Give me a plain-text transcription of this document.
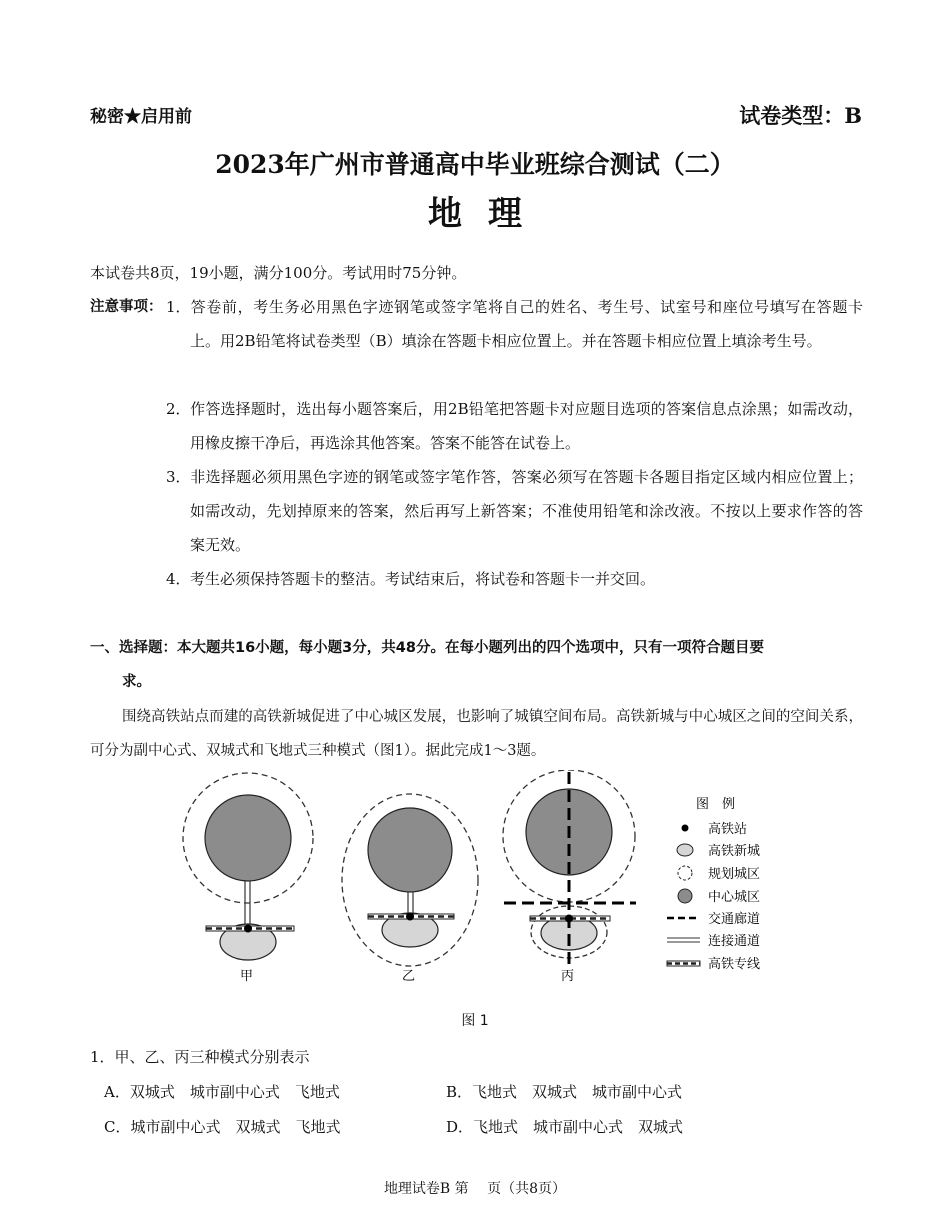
秘密★启用前	试卷类型：B
2023年广州市普通高中毕业班综合测试（二）
地理
本试卷共8页，19小题，满分100分。考试用时75分钟。
注意事项： 1． 答卷前，考生务必用黑色字迹钢笔或签字笔将自己的姓名、考生号、试室号和座位号填写在答题卡上。用2B铅笔将试卷类型（B）填涂在答题卡相应位置上。并在答题卡相应位置上填涂考生号。
2． 作答选择题时，选出每小题答案后，用2B铅笔把答题卡对应题目选项的答案信息点涂黑；如需改动，用橡皮擦干净后，再选涂其他答案。答案不能答在试卷上。
3． 非选择题必须用黑色字迹的钢笔或签字笔作答，答案必须写在答题卡各题目指定区域内相应位置上；如需改动，先划掉原来的答案，然后再写上新答案；不准使用铅笔和涂改液。不按以上要求作答的答案无效。
4． 考生必须保持答题卡的整洁。考试结束后，将试卷和答题卡一并交回。
一、选择题：本大题共16小题，每小题3分，共48分。在每小题列出的四个选项中，只有一项符合题目要
求。
围绕高铁站点而建的高铁新城促进了中心城区发展，也影响了城镇空间布局。高铁新城与中心城区之间的空间关系，可分为副中心式、双城式和飞地式三种模式（图1）。据此完成1～3题。
甲	乙	丙
图　例
高铁站
高铁新城
规划城区
中心城区
交通廊道
连接通道
高铁专线
图 1
1．甲、乙、丙三种模式分别表示
A．双城式　城市副中心式　飞地式	B．飞地式　双城式　城市副中心式
C．城市副中心式　双城式　飞地式	D．飞地式　城市副中心式　双城式
地理试卷B 第　 页（共8页）
